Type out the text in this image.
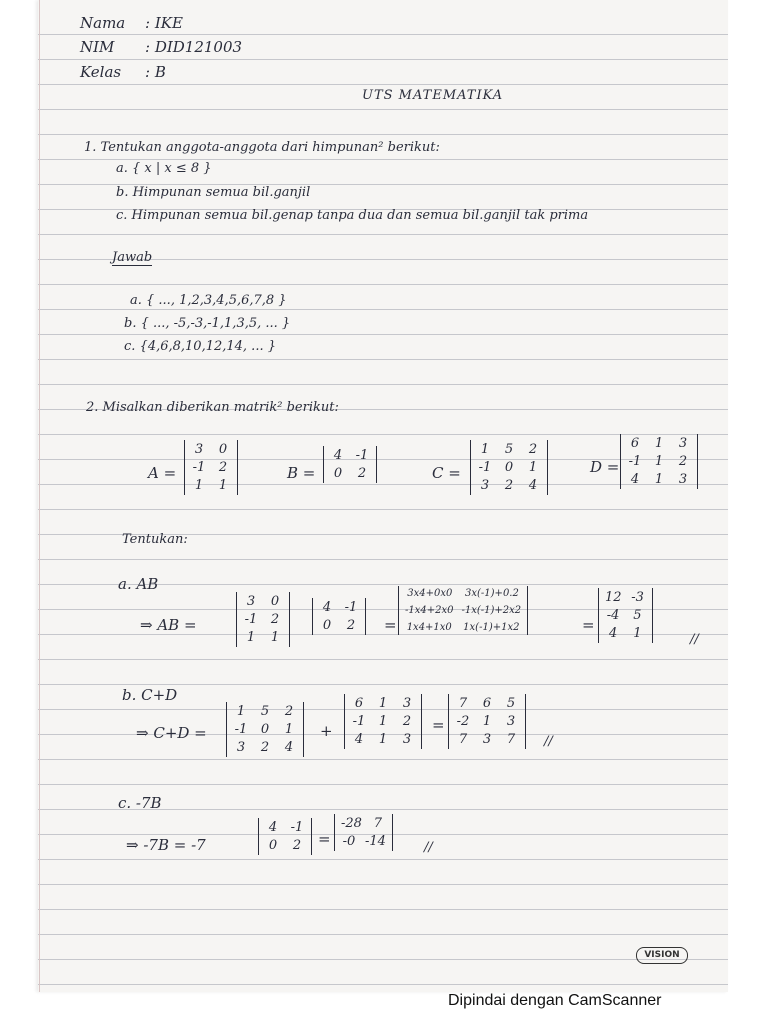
Nama : IKE
NIM : DID121003
Kelas : B
UTS MATEMATIKA
1. Tentukan anggota-anggota dari himpunan² berikut:
a. { x | x ≤ 8 }
b. Himpunan semua bil.ganjil
c. Himpunan semua bil.genap tanpa dua dan semua bil.ganjil tak prima
Jawab
a. { ..., 1,2,3,4,5,6,7,8 }
b. { ..., -5,-3,-1,1,3,5, ... }
c. {4,6,8,10,12,14, ... }
2. Misalkan diberikan matrik² berikut:
A =
3 0
-1 2
1 1
B =
4 -1
0 2	C =
1 5 2
-1 0 1
3 2 4
D =
6 1 3
-1 1 2
4 1 3
Tentukan:
a. AB
⇒ AB =
3 0
-1 2
1 1
4 -1
0 2 =
3x4+0x0 3x(-1)+0.2
-1x4+2x0 -1x(-1)+2x2
1x4+1x0 1x(-1)+1x2	=
12 -3
-4 5
4 1	//
b. C+D
⇒ C+D =
1 5 2
-1 0 1
3 2 4
+
6 1 3
-1 1 2
4 1 3
=
7 6 5
-2 1 3
7 3 7 //
c. -7B
⇒ -7B = -7
4 -1
0 2 =
-28 7
-0 -14	//
VISION
Dipindai dengan CamScanner
